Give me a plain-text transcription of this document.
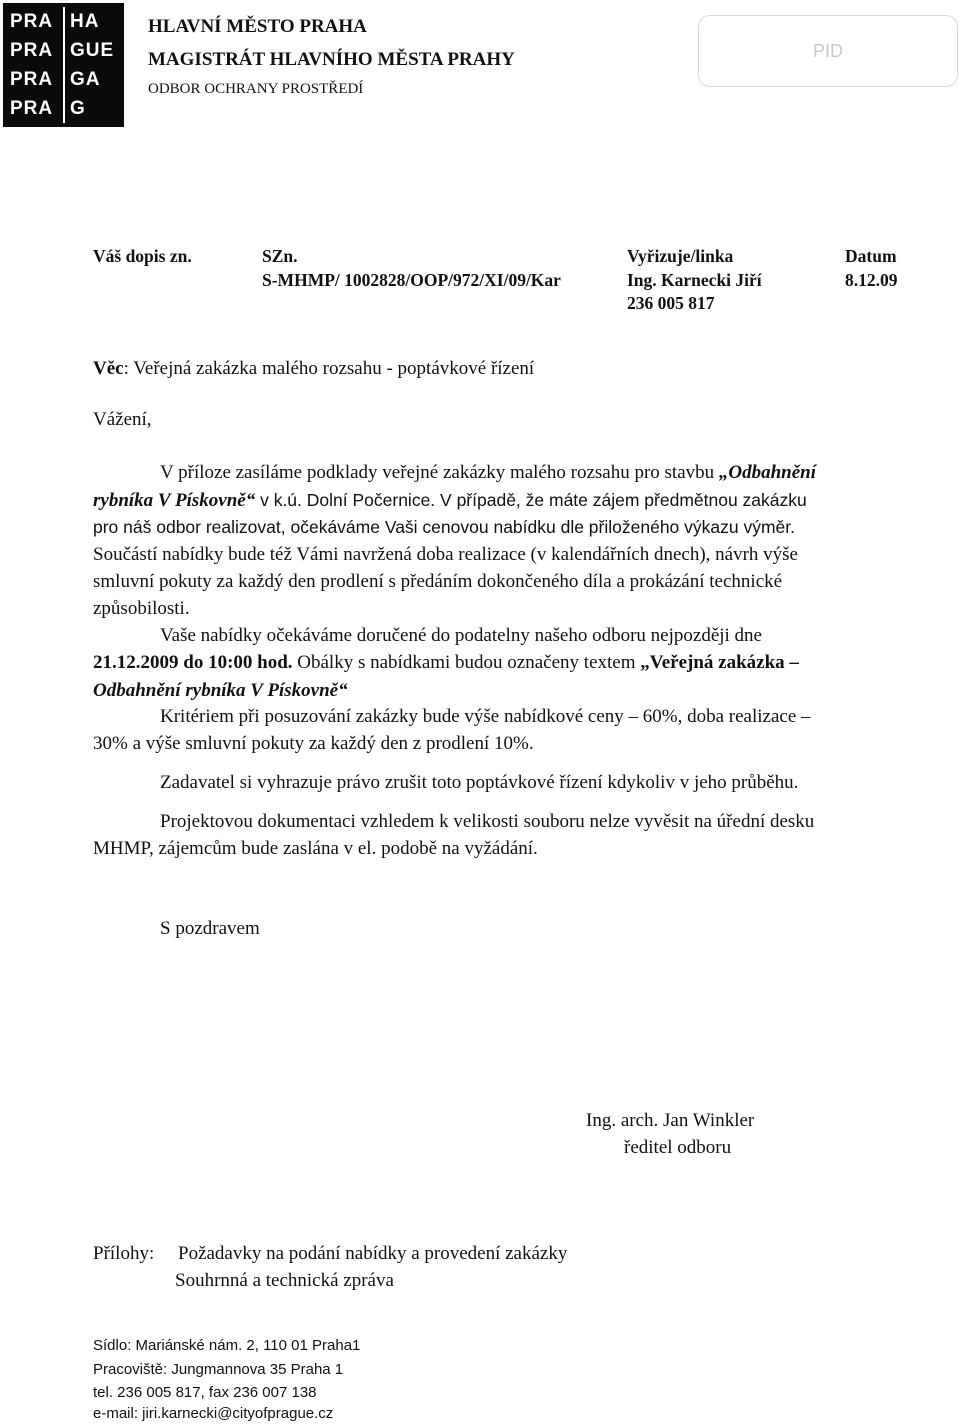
PRA HA
PRA GUE
PRA GA
PRA G
HLAVNÍ MĚSTO PRAHA
MAGISTRÁT HLAVNÍHO MĚSTA PRAHY
ODBOR OCHRANY PROSTŘEDÍ
PID
Váš dopis zn.	SZn.
S-MHMP/ 1002828/OOP/972/XI/09/Kar
Vyřizuje/linka
Ing. Karnecki Jiří
236 005 817
Datum
8.12.09
Věc: Veřejná zakázka malého rozsahu - poptávkové řízení
Vážení,
V příloze zasíláme podklady veřejné zakázky malého rozsahu pro stavbu „Odbahnění
rybníka V Pískovně“ v k.ú. Dolní Počernice. V případě, že máte zájem předmětnou zakázku
pro náš odbor realizovat, očekáváme Vaši cenovou nabídku dle přiloženého výkazu výměr.
Součástí nabídky bude též Vámi navržená doba realizace (v kalendářních dnech), návrh výše
smluvní pokuty za každý den prodlení s předáním dokončeného díla a prokázání technické
způsobilosti.
Vaše nabídky očekáváme doručené do podatelny našeho odboru nejpozději dne
21.12.2009 do 10:00 hod. Obálky s nabídkami budou označeny textem „Veřejná zakázka –
Odbahnění rybníka V Pískovně“
Kritériem při posuzování zakázky bude výše nabídkové ceny – 60%, doba realizace –
30% a výše smluvní pokuty za každý den z prodlení 10%.
Zadavatel si vyhrazuje právo zrušit toto poptávkové řízení kdykoliv v jeho průběhu.
Projektovou dokumentaci vzhledem k velikosti souboru nelze vyvěsit na úřední desku
MHMP, zájemcům bude zaslána v el. podobě na vyžádání.
S pozdravem
Ing. arch. Jan Winkler
ředitel odboru
Přílohy:	Požadavky na podání nabídky a provedení zakázky
Souhrnná a technická zpráva
Sídlo: Mariánské nám. 2, 110 01 Praha1
Pracoviště: Jungmannova 35 Praha 1
tel. 236 005 817, fax 236 007 138
e-mail: jiri.karnecki@cityofprague.cz
